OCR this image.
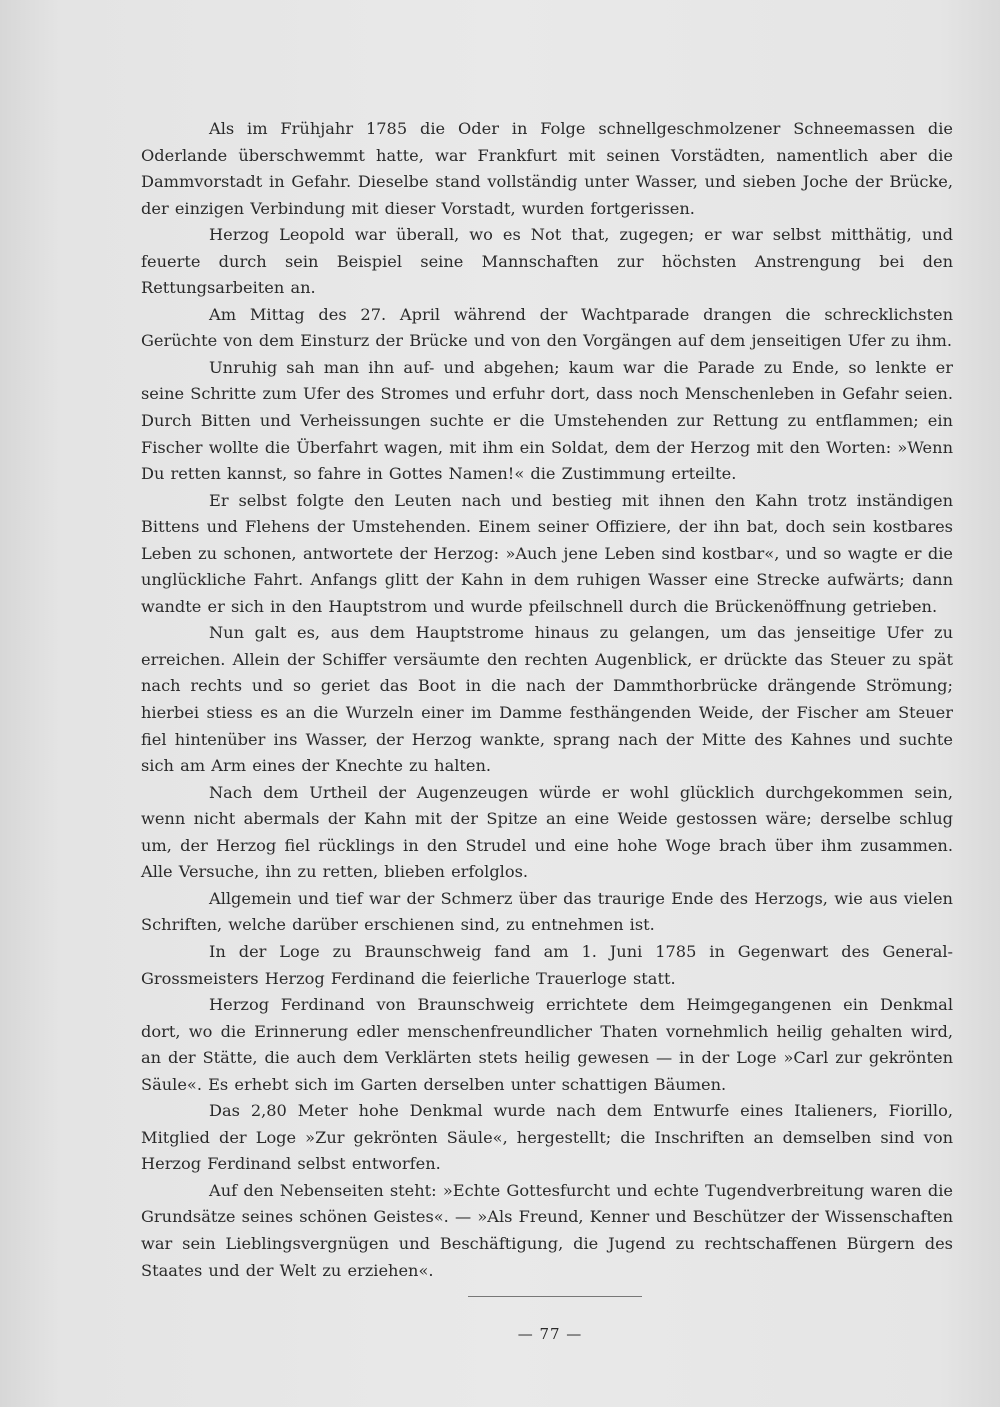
Als im Frühjahr 1785 die Oder in Folge schnellgeschmolzener Schneemassen die Oderlande überschwemmt hatte, war Frankfurt mit seinen Vorstädten, namentlich aber die Dammvorstadt in Gefahr. Dieselbe stand vollständig unter Wasser, und sieben Joche der Brücke, der einzigen Verbindung mit dieser Vorstadt, wurden fortgerissen.

Herzog Leopold war überall, wo es Not that, zugegen; er war selbst mitthätig, und feuerte durch sein Beispiel seine Mannschaften zur höchsten Anstrengung bei den Rettungsarbeiten an.

Am Mittag des 27. April während der Wachtparade drangen die schrecklichsten Gerüchte von dem Einsturz der Brücke und von den Vorgängen auf dem jenseitigen Ufer zu ihm.

Unruhig sah man ihn auf- und abgehen; kaum war die Parade zu Ende, so lenkte er seine Schritte zum Ufer des Stromes und erfuhr dort, dass noch Menschenleben in Gefahr seien. Durch Bitten und Verheissungen suchte er die Umstehenden zur Rettung zu entflammen; ein Fischer wollte die Überfahrt wagen, mit ihm ein Soldat, dem der Herzog mit den Worten: »Wenn Du retten kannst, so fahre in Gottes Namen!« die Zustimmung erteilte.

Er selbst folgte den Leuten nach und bestieg mit ihnen den Kahn trotz inständigen Bittens und Flehens der Umstehenden. Einem seiner Offiziere, der ihn bat, doch sein kostbares Leben zu schonen, antwortete der Herzog: »Auch jene Leben sind kostbar«, und so wagte er die unglückliche Fahrt. Anfangs glitt der Kahn in dem ruhigen Wasser eine Strecke aufwärts; dann wandte er sich in den Hauptstrom und wurde pfeilschnell durch die Brückenöffnung getrieben.

Nun galt es, aus dem Hauptstrome hinaus zu gelangen, um das jenseitige Ufer zu erreichen. Allein der Schiffer versäumte den rechten Augenblick, er drückte das Steuer zu spät nach rechts und so geriet das Boot in die nach der Dammthorbrücke drängende Strömung; hierbei stiess es an die Wurzeln einer im Damme festhängenden Weide, der Fischer am Steuer fiel hintenüber ins Wasser, der Herzog wankte, sprang nach der Mitte des Kahnes und suchte sich am Arm eines der Knechte zu halten.

Nach dem Urtheil der Augenzeugen würde er wohl glücklich durchgekommen sein, wenn nicht abermals der Kahn mit der Spitze an eine Weide gestossen wäre; derselbe schlug um, der Herzog fiel rücklings in den Strudel und eine hohe Woge brach über ihm zusammen. Alle Versuche, ihn zu retten, blieben erfolglos.

Allgemein und tief war der Schmerz über das traurige Ende des Herzogs, wie aus vielen Schriften, welche darüber erschienen sind, zu entnehmen ist.

In der Loge zu Braunschweig fand am 1. Juni 1785 in Gegenwart des General-Grossmeisters Herzog Ferdinand die feierliche Trauerloge statt.

Herzog Ferdinand von Braunschweig errichtete dem Heimgegangenen ein Denkmal dort, wo die Erinnerung edler menschenfreundlicher Thaten vornehmlich heilig gehalten wird, an der Stätte, die auch dem Verklärten stets heilig gewesen — in der Loge »Carl zur gekrönten Säule«. Es erhebt sich im Garten derselben unter schattigen Bäumen.

Das 2,80 Meter hohe Denkmal wurde nach dem Entwurfe eines Italieners, Fiorillo, Mitglied der Loge »Zur gekrönten Säule«, hergestellt; die Inschriften an demselben sind von Herzog Ferdinand selbst entworfen.

Auf den Nebenseiten steht: »Echte Gottesfurcht und echte Tugendverbreitung waren die Grundsätze seines schönen Geistes«. — »Als Freund, Kenner und Beschützer der Wissenschaften war sein Lieblingsvergnügen und Beschäftigung, die Jugend zu rechtschaffenen Bürgern des Staates und der Welt zu erziehen«.

— 77 —
